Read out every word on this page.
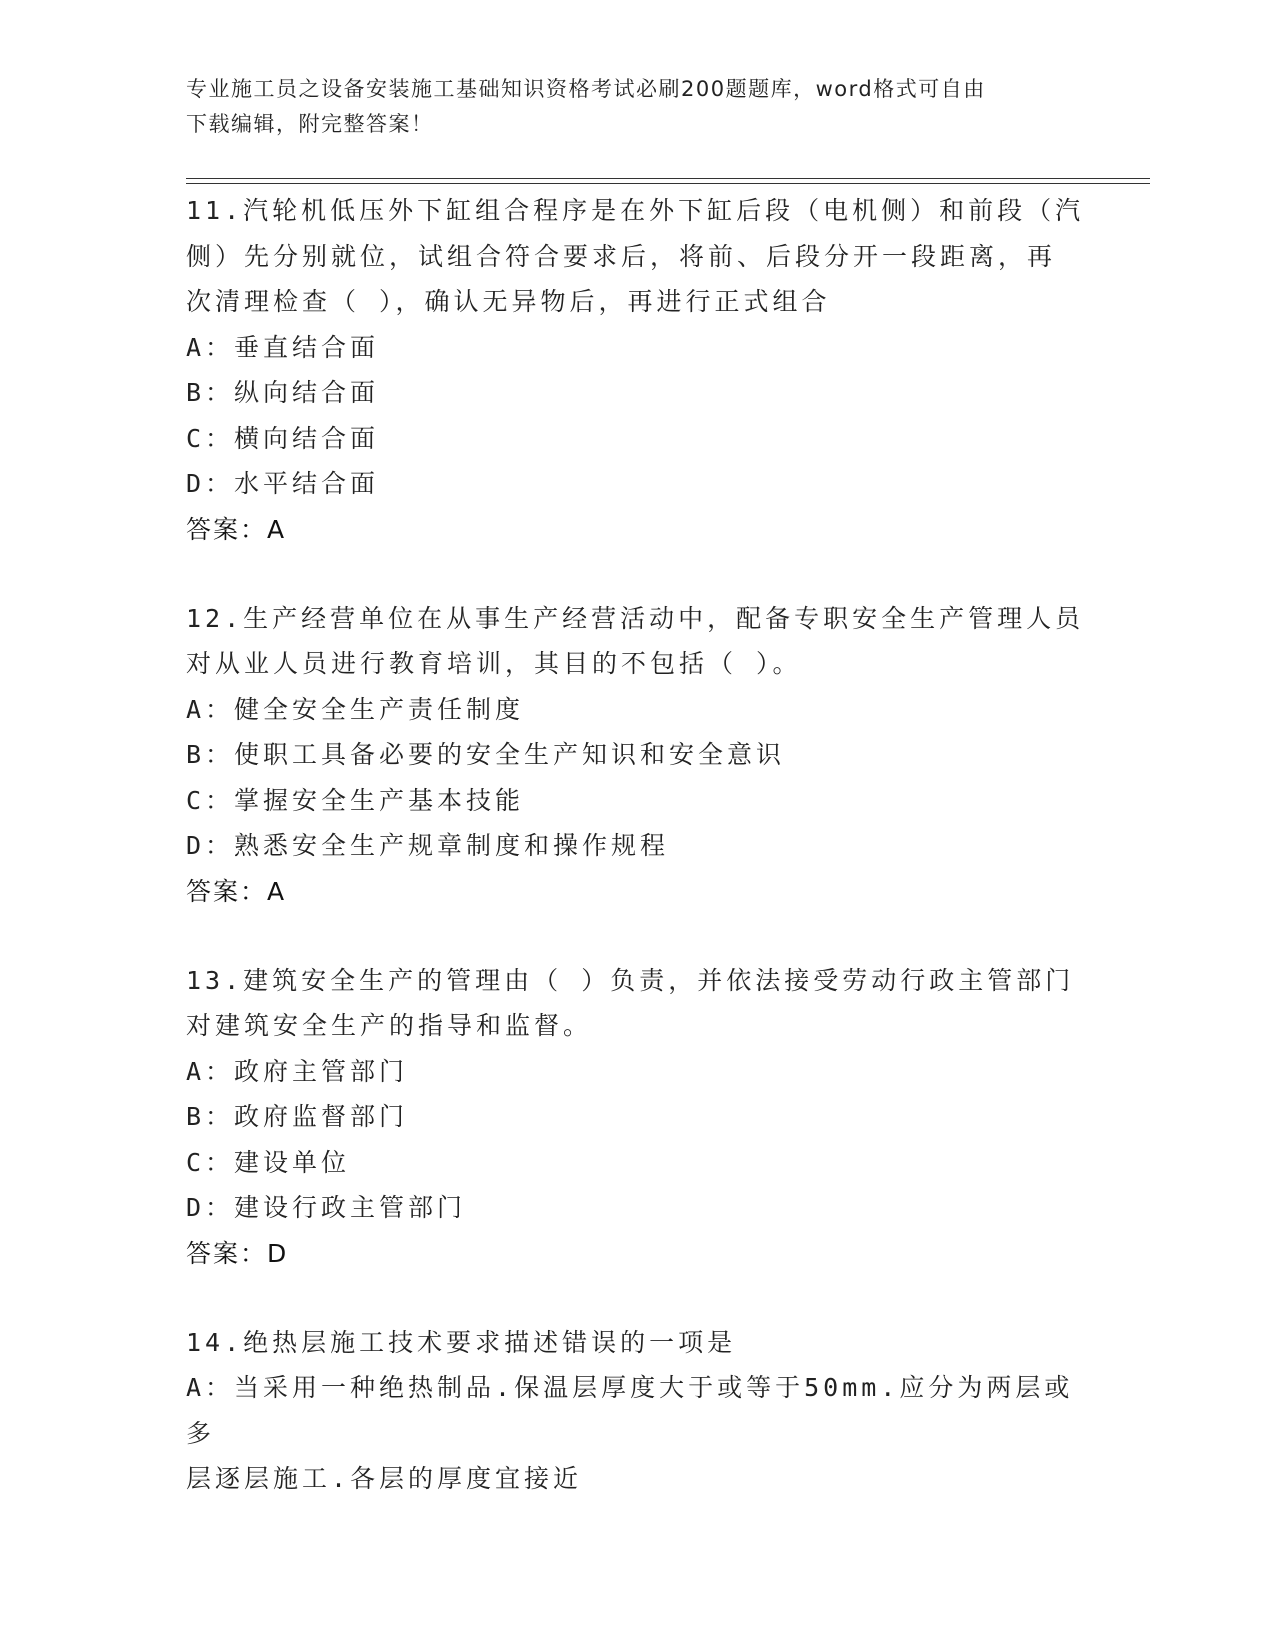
专业施工员之设备安装施工基础知识资格考试必刷200题题库，word格式可自由
下载编辑，附完整答案！
11.汽轮机低压外下缸组合程序是在外下缸后段（电机侧）和前段（汽
侧）先分别就位，试组合符合要求后，将前、后段分开一段距离，再
次清理检查（ ），确认无异物后，再进行正式组合
A：垂直结合面
B：纵向结合面
C：横向结合面
D：水平结合面
答案：A
12.生产经营单位在从事生产经营活动中，配备专职安全生产管理人员
对从业人员进行教育培训，其目的不包括（ ）。
A：健全安全生产责任制度
B：使职工具备必要的安全生产知识和安全意识
C：掌握安全生产基本技能
D：熟悉安全生产规章制度和操作规程
答案：A
13.建筑安全生产的管理由（ ）负责，并依法接受劳动行政主管部门
对建筑安全生产的指导和监督。
A：政府主管部门
B：政府监督部门
C：建设单位
D：建设行政主管部门
答案：D
14.绝热层施工技术要求描述错误的一项是
A：当采用一种绝热制品.保温层厚度大于或等于50mm.应分为两层或多
层逐层施工.各层的厚度宜接近
